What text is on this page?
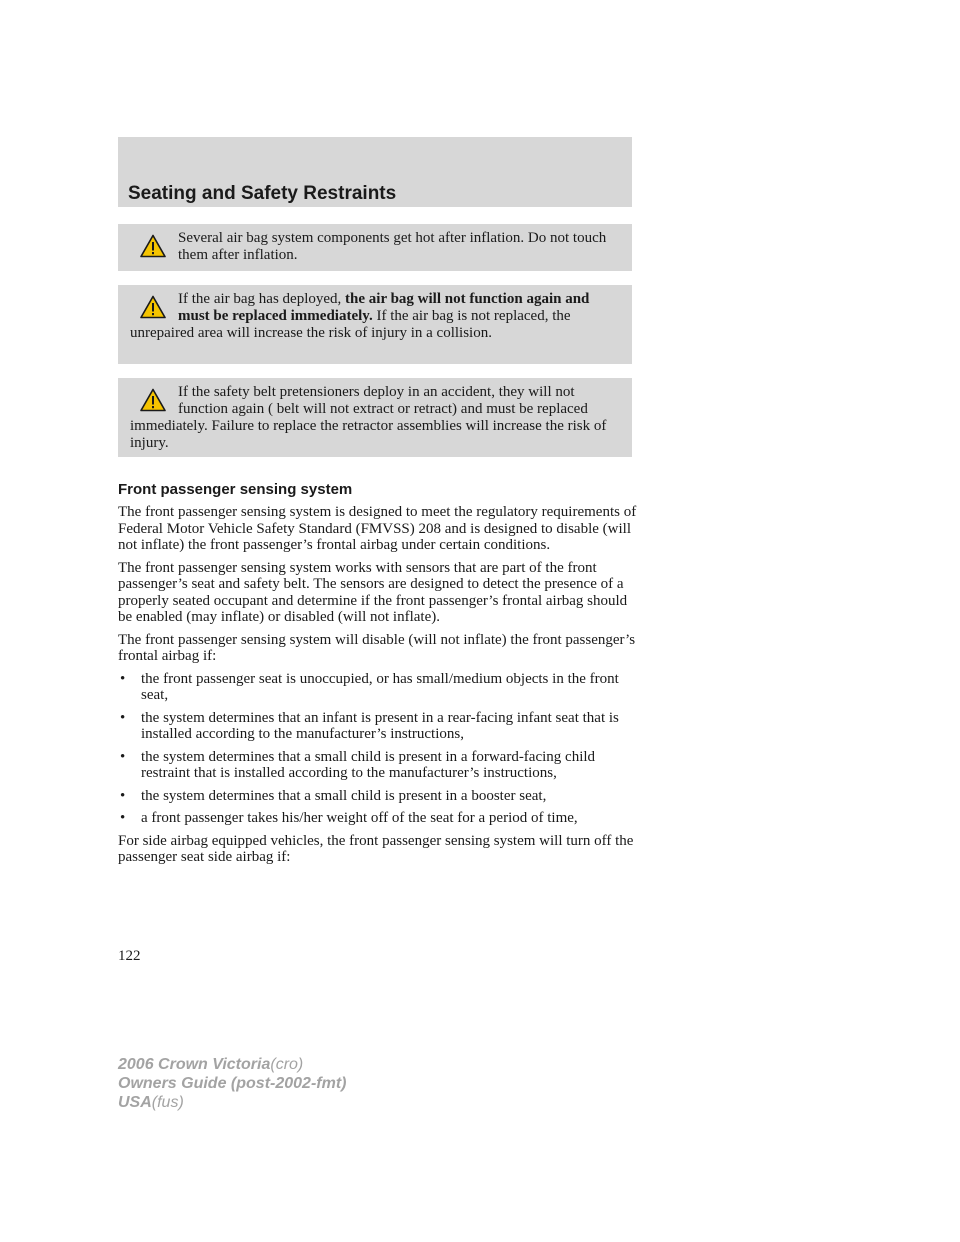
Seating and Safety Restraints

Several air bag system components get hot after inflation. Do not touch them after inflation.

If the air bag has deployed, the air bag will not function again and must be replaced immediately. If the air bag is not replaced, the unrepaired area will increase the risk of injury in a collision.

If the safety belt pretensioners deploy in an accident, they will not function again ( belt will not extract or retract) and must be replaced immediately. Failure to replace the retractor assemblies will increase the risk of injury.

Front passenger sensing system

The front passenger sensing system is designed to meet the regulatory requirements of Federal Motor Vehicle Safety Standard (FMVSS) 208 and is designed to disable (will not inflate) the front passenger’s frontal airbag under certain conditions.

The front passenger sensing system works with sensors that are part of the front passenger’s seat and safety belt. The sensors are designed to detect the presence of a properly seated occupant and determine if the front passenger’s frontal airbag should be enabled (may inflate) or disabled (will not inflate).

The front passenger sensing system will disable (will not inflate) the front passenger’s frontal airbag if:

• the front passenger seat is unoccupied, or has small/medium objects in the front seat,
• the system determines that an infant is present in a rear-facing infant seat that is installed according to the manufacturer’s instructions,
• the system determines that a small child is present in a forward-facing child restraint that is installed according to the manufacturer’s instructions,
• the system determines that a small child is present in a booster seat,
• a front passenger takes his/her weight off of the seat for a period of time,

For side airbag equipped vehicles, the front passenger sensing system will turn off the passenger seat side airbag if:

122
2006 Crown Victoria(cro)
Owners Guide (post-2002-fmt)
USA(fus)
